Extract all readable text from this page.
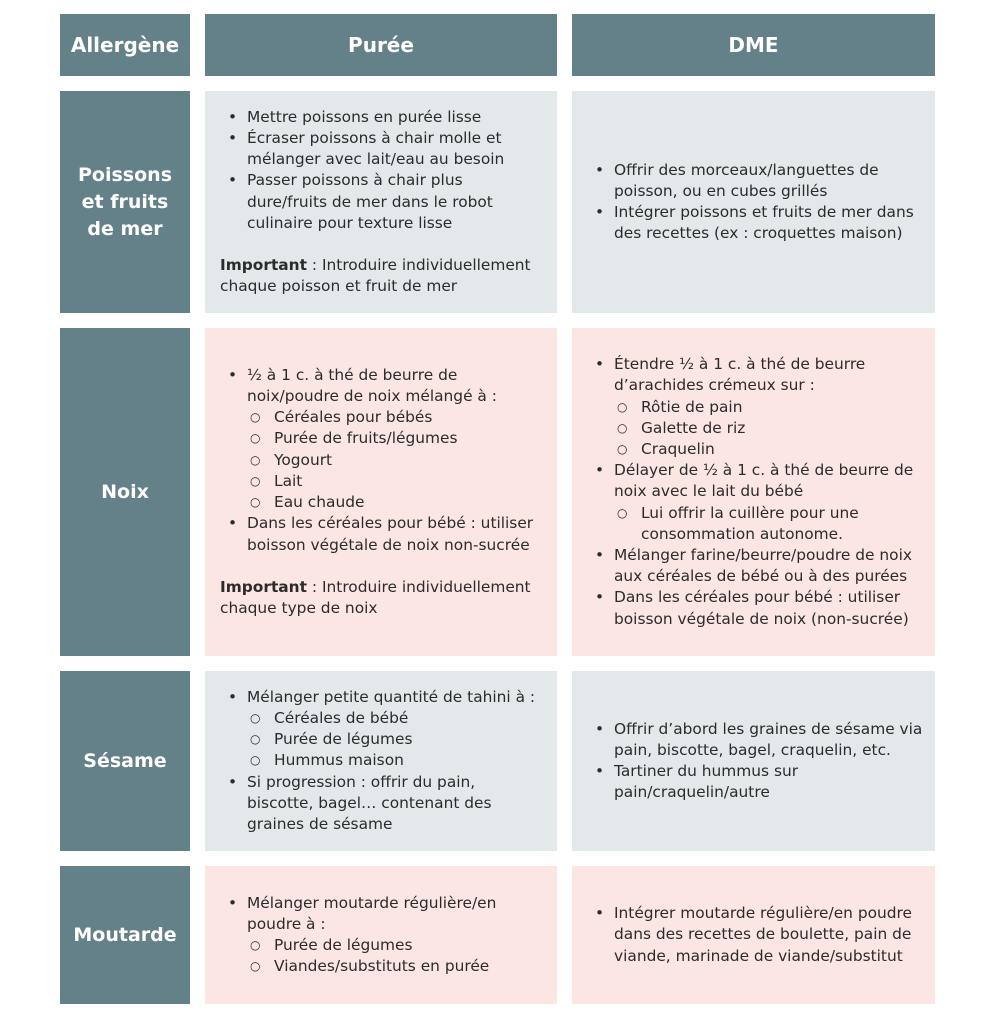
Allergène	Purée	DME
Poissons et fruits de mer
• Mettre poissons en purée lisse
• Écraser poissons à chair molle et mélanger avec lait/eau au besoin
• Passer poissons à chair plus dure/fruits de mer dans le robot culinaire pour texture lisse
Important : Introduire individuellement chaque poisson et fruit de mer
• Offrir des morceaux/languettes de poisson, ou en cubes grillés
• Intégrer poissons et fruits de mer dans des recettes (ex : croquettes maison)
Noix
• ½ à 1 c. à thé de beurre de noix/poudre de noix mélangé à :
○ Céréales pour bébés
○ Purée de fruits/légumes
○ Yogourt
○ Lait
○ Eau chaude
• Dans les céréales pour bébé : utiliser boisson végétale de noix non-sucrée
Important : Introduire individuellement chaque type de noix
• Étendre ½ à 1 c. à thé de beurre d’arachides crémeux sur :
○ Rôtie de pain
○ Galette de riz
○ Craquelin
• Délayer de ½ à 1 c. à thé de beurre de noix avec le lait du bébé
○ Lui offrir la cuillère pour une consommation autonome.
• Mélanger farine/beurre/poudre de noix aux céréales de bébé ou à des purées
• Dans les céréales pour bébé : utiliser boisson végétale de noix (non-sucrée)
Sésame
• Mélanger petite quantité de tahini à :
○ Céréales de bébé
○ Purée de légumes
○ Hummus maison
• Si progression : offrir du pain, biscotte, bagel… contenant des graines de sésame
• Offrir d’abord les graines de sésame via pain, biscotte, bagel, craquelin, etc.
• Tartiner du hummus sur pain/craquelin/autre
Moutarde
• Mélanger moutarde régulière/en poudre à :
○ Purée de légumes
○ Viandes/substituts en purée
• Intégrer moutarde régulière/en poudre dans des recettes de boulette, pain de viande, marinade de viande/substitut
